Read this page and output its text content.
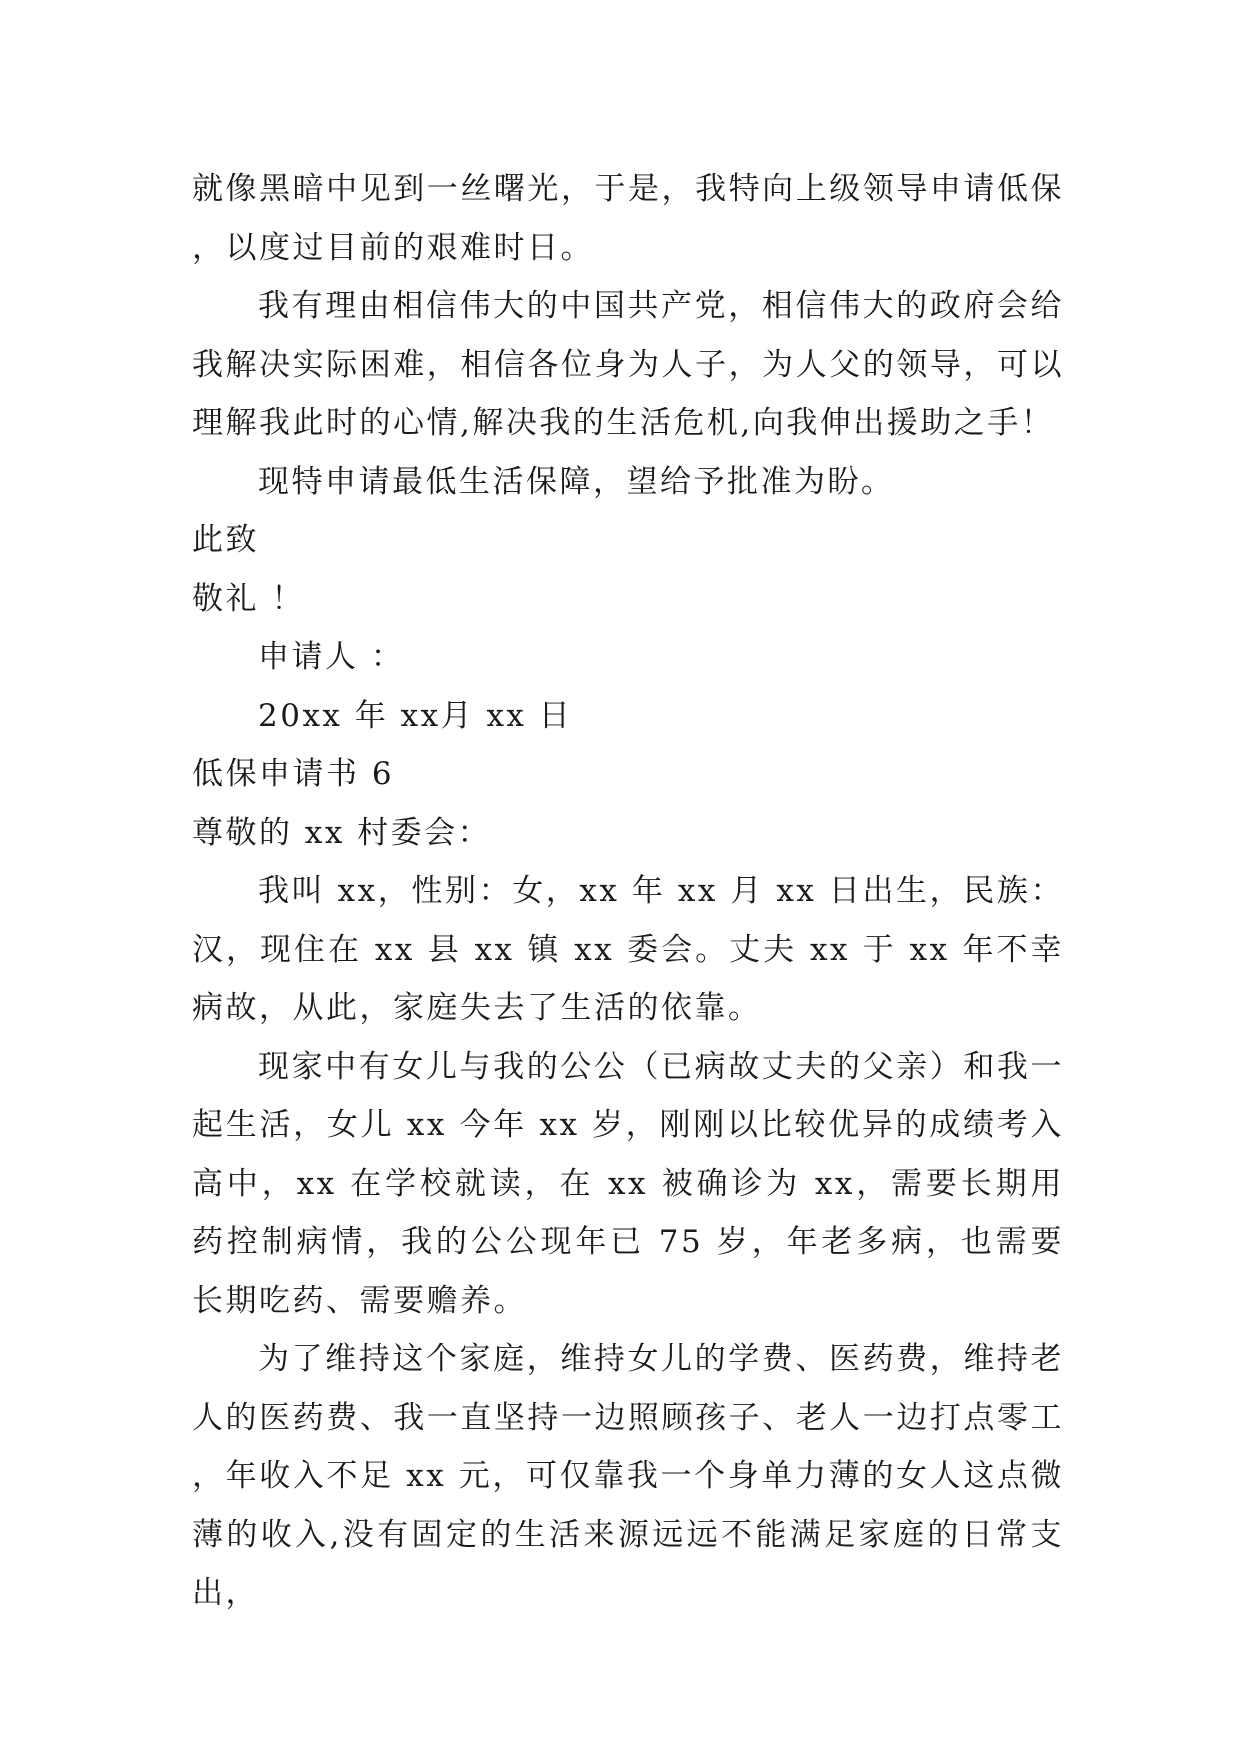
就像黑暗中见到一丝曙光，于是，我特向上级领导申请低保，以度过目前的艰难时日。

我有理由相信伟大的中国共产党，相信伟大的政府会给我解决实际困难，相信各位身为人子，为人父的领导，可以理解我此时的心情,解决我的生活危机,向我伸出援助之手！

现特申请最低生活保障，望给予批准为盼。

此致

敬礼 ！

申请人 ：

20xx 年 xx月 xx 日

低保申请书 6

尊敬的 xx 村委会：

我叫 xx，性别：女，xx 年 xx 月 xx 日出生，民族：汉，现住在 xx 县 xx 镇 xx 委会。丈夫 xx 于 xx 年不幸病故，从此，家庭失去了生活的依靠。

现家中有女儿与我的公公（已病故丈夫的父亲）和我一起生活，女儿 xx 今年 xx 岁，刚刚以比较优异的成绩考入高中，xx 在学校就读，在 xx 被确诊为 xx，需要长期用药控制病情，我的公公现年已 75 岁，年老多病，也需要长期吃药、需要赡养。

为了维持这个家庭，维持女儿的学费、医药费，维持老人的医药费、我一直坚持一边照顾孩子、老人一边打点零工，年收入不足 xx 元，可仅靠我一个身单力薄的女人这点微薄的收入,没有固定的生活来源远远不能满足家庭的日常支出，
